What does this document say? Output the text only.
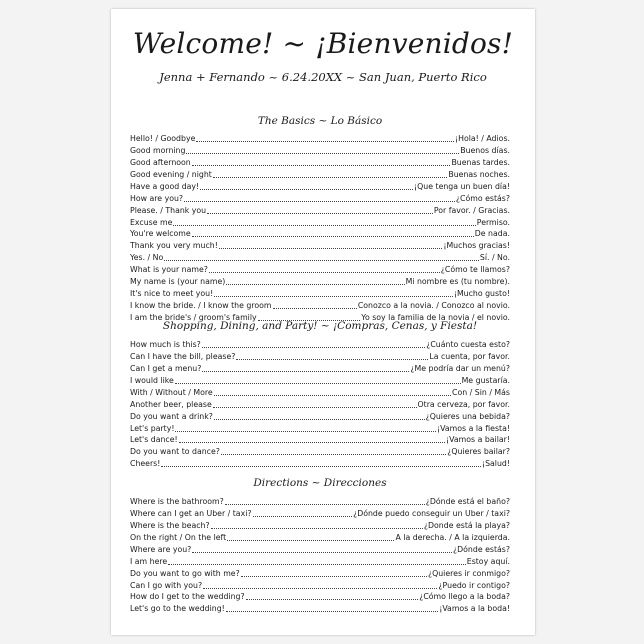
Welcome! ~ ¡Bienvenidos!
Jenna + Fernando ~ 6.24.20XX ~ San Juan, Puerto Rico
The Basics ~ Lo Básico
Hello! / Goodbye	¡Hola! / Adios.
Good morning	Buenos días.
Good afternoon	Buenas tardes.
Good evening / night	Buenas noches.
Have a good day!	¡Que tenga un buen día!
How are you?	¿Cómo estás?
Please. / Thank you	Por favor. / Gracias.
Excuse me	Permiso.
You're welcome	De nada.
Thank you very much!	¡Muchos gracias!
Yes. / No	Sí. / No.
What is your name?	¿Cómo te llamos?
My name is (your name)	Mi nombre es (tu nombre).
It's nice to meet you!	¡Mucho gusto!
I know the bride. / I know the groom	Conozco a la novia. / Conozco al novio.
I am the bride's / groom's family	Yo soy la familia de la novia / el novio.
Shopping, Dining, and Party! ~ ¡Compras, Cenas, y Fiesta!
How much is this?	¿Cuánto cuesta esto?
Can I have the bill, please?	La cuenta, por favor.
Can I get a menu?	¿Me podría dar un menú?
I would like	Me gustaría.
With / Without / More	Con / Sin / Más
Another beer, please	Otra cerveza, por favor.
Do you want a drink?	¿Quieres una bebida?
Let's party!	¡Vamos a la fiesta!
Let's dance!	¡Vamos a bailar!
Do you want to dance?	¿Quieres bailar?
Cheers!	¡Salud!
Directions ~ Direcciones
Where is the bathroom?	¿Dónde está el baño?
Where can I get an Uber / taxi?	¿Dónde puedo conseguir un Uber / taxi?
Where is the beach?	¿Donde está la playa?
On the right / On the left	A la derecha. / A la izquierda.
Where are you?	¿Dónde estás?
I am here	Estoy aquí.
Do you want to go with me?	¿Quieres ir conmigo?
Can I go with you?	¿Puedo ir contigo?
How do I get to the wedding?	¿Cómo llego a la boda?
Let's go to the wedding!	¡Vamos a la boda!
